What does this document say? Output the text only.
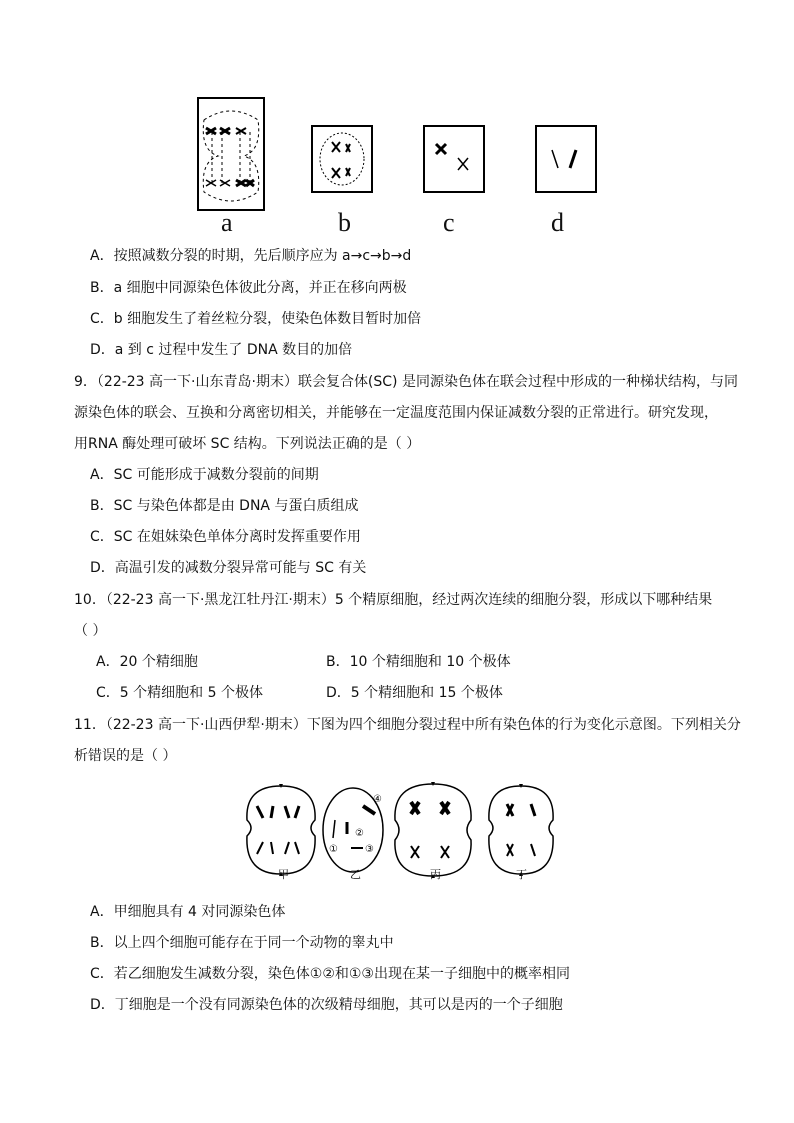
a	b	c	d
A．按照减数分裂的时期，先后顺序应为 a→c→b→d
B．a 细胞中同源染色体彼此分离，并正在移向两极
C．b 细胞发生了着丝粒分裂，使染色体数目暂时加倍
D．a 到 c 过程中发生了 DNA 数目的加倍
9．（22-23 高一下·山东青岛·期末）联会复合体(SC) 是同源染色体在联会过程中形成的一种梯状结构，与同
源染色体的联会、互换和分离密切相关，并能够在一定温度范围内保证减数分裂的正常进行。研究发现，
用RNA 酶处理可破坏 SC 结构。下列说法正确的是（ ）
A．SC 可能形成于减数分裂前的间期
B．SC 与染色体都是由 DNA 与蛋白质组成
C．SC 在姐妹染色单体分离时发挥重要作用
D．高温引发的减数分裂异常可能与 SC 有关
10．（22-23 高一下·黑龙江牡丹江·期末）5 个精原细胞，经过两次连续的细胞分裂，形成以下哪种结果
（ ）
A．20 个精细胞	B．10 个精细胞和 10 个极体
C．5 个精细胞和 5 个极体	D．5 个精细胞和 15 个极体
11．（22-23 高一下·山西伊犁·期末）下图为四个细胞分裂过程中所有染色体的行为变化示意图。下列相关分
析错误的是（ ）
④
②
③
①
甲	乙	丙	丁
A．甲细胞具有 4 对同源染色体
B．以上四个细胞可能存在于同一个动物的睾丸中
C．若乙细胞发生减数分裂，染色体①②和①③出现在某一子细胞中的概率相同
D．丁细胞是一个没有同源染色体的次级精母细胞，其可以是丙的一个子细胞
